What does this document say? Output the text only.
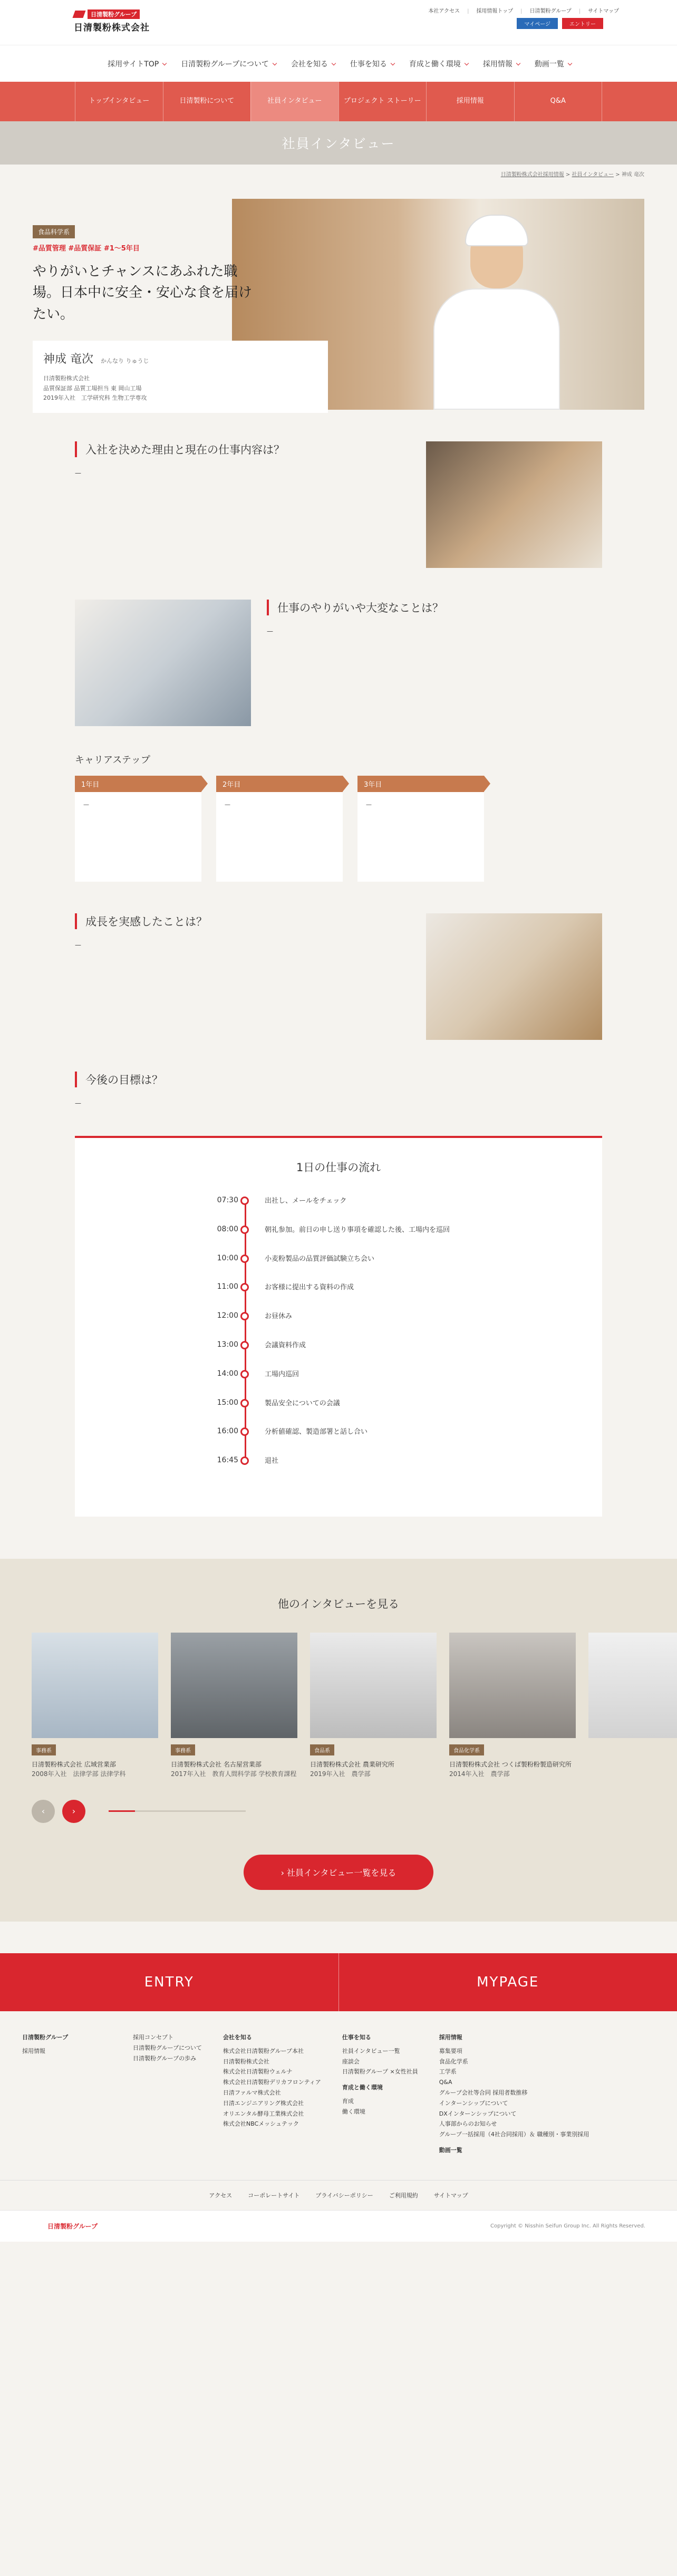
日清製粉グループ
日清製粉株式会社
本社アクセス |	採用情報トップ |	日清製粉グループ |	サイトマップ
マイページ	エントリー
採用サイトTOP	日清製粉グループについて	会社を知る	仕事を知る	育成と働く環境	採用情報	動画一覧
トップインタビュー	日清製粉について	社員インタビュー	プロジェクト ストーリー	採用情報	Q&A
社員インタビュー
日清製粉株式会社採用情報 > 社員インタビュー > 神成 竜次
食品科学系
#品質管理 #品質保証 #1〜5年目
やりがいとチャンスにあふれた職場。日本中に安全・安心な食を届けたい。
神成 竜次 かんなり りゅうじ
日清製粉株式会社
品質保証部 品質工場担当 東 岡山工場
2019年入社　工学研究科 生物工学専攻
入社を決めた理由と現在の仕事内容は？

—

仕事のやりがいや大変なことは？

—

キャリアステップ
1年目

—

2年目

—

3年目

—

成長を実感したことは？

—

今後の目標は？

—

1日の仕事の流れ
07:30	出社し、メールをチェック
08:00	朝礼参加。前日の申し送り事項を確認した後、工場内を巡回
10:00	小麦粉製品の品質評価試験立ち会い
11:00	お客様に提出する資料の作成
12:00	お昼休み
13:00	会議資料作成
14:00	工場内巡回
15:00	製品安全についての会議
16:00	分析値確認、製造部署と話し合い
16:45	退社
他のインタビューを見る
事務系
日清製粉株式会社 広域営業部
2008年入社　法律学部 法律学科
事務系
日清製粉株式会社 名古屋営業部
2017年入社　教育人間科学部 学校教育課程
食品系
日清製粉株式会社 農業研究所
2019年入社　農学部
食品化学系
日清製粉株式会社 つくば製粉粉製造研究所
2014年入社　農学部
‹	›
› 社員インタビュー一覧を見る
ENTRY	MYPAGE
日清製粉グループ
採用情報
採用コンセプト
日清製粉グループについて
日清製粉グループの歩み
会社を知る
株式会社日清製粉グループ本社
日清製粉株式会社
株式会社日清製粉ウェルナ
株式会社日清製粉デリカフロンティア
日清ファルマ株式会社
日清エンジニアリング株式会社
オリエンタル酵母工業株式会社
株式会社NBCメッシュテック
仕事を知る
社員インタビュー一覧
座談会
日清製粉グループ ×女性社員
育成と働く環境
育成
働く環境
採用情報
募集要項
食品化学系
工学系
Q&A
グループ会社等合同 採用者数推移
インターンシップについて
DXインターンシップについて
人事部からのお知らせ
グループ一括採用（4社合同採用）＆ 職種別・事業別採用
動画一覧
アクセス	コーポレートサイト	プライバシーポリシー	ご利用規約	サイトマップ
日清製粉グループ	Copyright © Nisshin Seifun Group Inc. All Rights Reserved.
